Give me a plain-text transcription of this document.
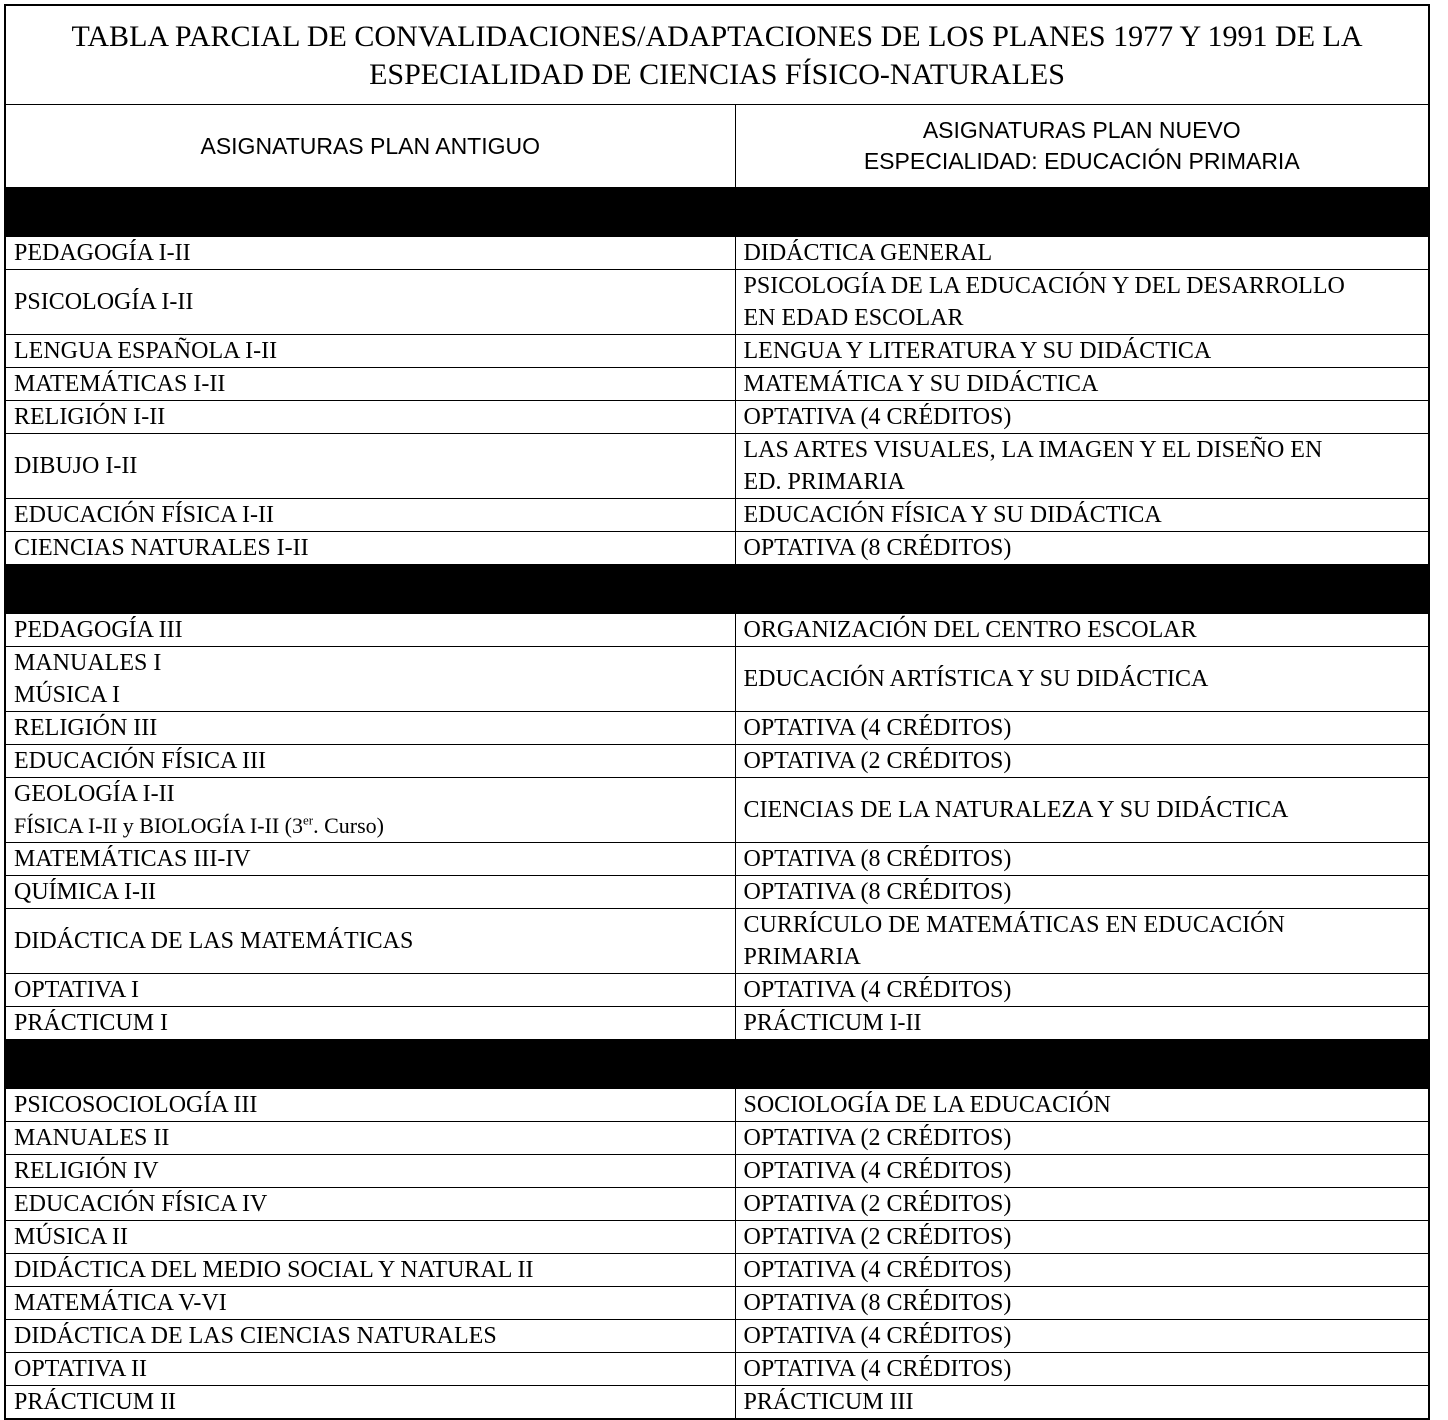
TABLA PARCIAL DE CONVALIDACIONES/ADAPTACIONES DE LOS PLANES 1977 Y 1991 DE LA
ESPECIALIDAD DE CIENCIAS FÍSICO-NATURALES	

ASIGNATURAS PLAN ANTIGUO	ASIGNATURAS PLAN NUEVO
ESPECIALIDAD: EDUCACIÓN PRIMARIA

PEDAGOGÍA I-II	DIDÁCTICA GENERAL

PSICOLOGÍA I-II	PSICOLOGÍA DE LA EDUCACIÓN Y DEL DESARROLLO
EN EDAD ESCOLAR

LENGUA ESPAÑOLA I-II	LENGUA Y LITERATURA Y SU DIDÁCTICA

MATEMÁTICAS I-II	MATEMÁTICA Y SU DIDÁCTICA

RELIGIÓN I-II	OPTATIVA (4 CRÉDITOS)

DIBUJO I-II	LAS ARTES VISUALES, LA IMAGEN Y EL DISEÑO EN
ED. PRIMARIA

EDUCACIÓN FÍSICA I-II	EDUCACIÓN FÍSICA Y SU DIDÁCTICA

CIENCIAS NATURALES I-II	OPTATIVA (8 CRÉDITOS)

PEDAGOGÍA III	ORGANIZACIÓN DEL CENTRO ESCOLAR

MANUALES I
MÚSICA I	EDUCACIÓN ARTÍSTICA Y SU DIDÁCTICA

RELIGIÓN III	OPTATIVA (4 CRÉDITOS)

EDUCACIÓN FÍSICA III	OPTATIVA (2 CRÉDITOS)

GEOLOGÍA I-II
FÍSICA I-II y BIOLOGÍA I-II (3er. Curso)	CIENCIAS DE LA NATURALEZA Y SU DIDÁCTICA

MATEMÁTICAS III-IV	OPTATIVA (8 CRÉDITOS)

QUÍMICA I-II	OPTATIVA (8 CRÉDITOS)

DIDÁCTICA DE LAS MATEMÁTICAS	CURRÍCULO DE MATEMÁTICAS EN EDUCACIÓN
PRIMARIA

OPTATIVA I	OPTATIVA (4 CRÉDITOS)

PRÁCTICUM I	PRÁCTICUM I-II

PSICOSOCIOLOGÍA III	SOCIOLOGÍA DE LA EDUCACIÓN

MANUALES II	OPTATIVA (2 CRÉDITOS)

RELIGIÓN IV	OPTATIVA (4 CRÉDITOS)

EDUCACIÓN FÍSICA IV	OPTATIVA (2 CRÉDITOS)

MÚSICA II	OPTATIVA (2 CRÉDITOS)

DIDÁCTICA DEL MEDIO SOCIAL Y NATURAL II	OPTATIVA (4 CRÉDITOS)

MATEMÁTICA V-VI	OPTATIVA (8 CRÉDITOS)

DIDÁCTICA DE LAS CIENCIAS NATURALES	OPTATIVA (4 CRÉDITOS)

OPTATIVA II	OPTATIVA (4 CRÉDITOS)

PRÁCTICUM II	PRÁCTICUM III
